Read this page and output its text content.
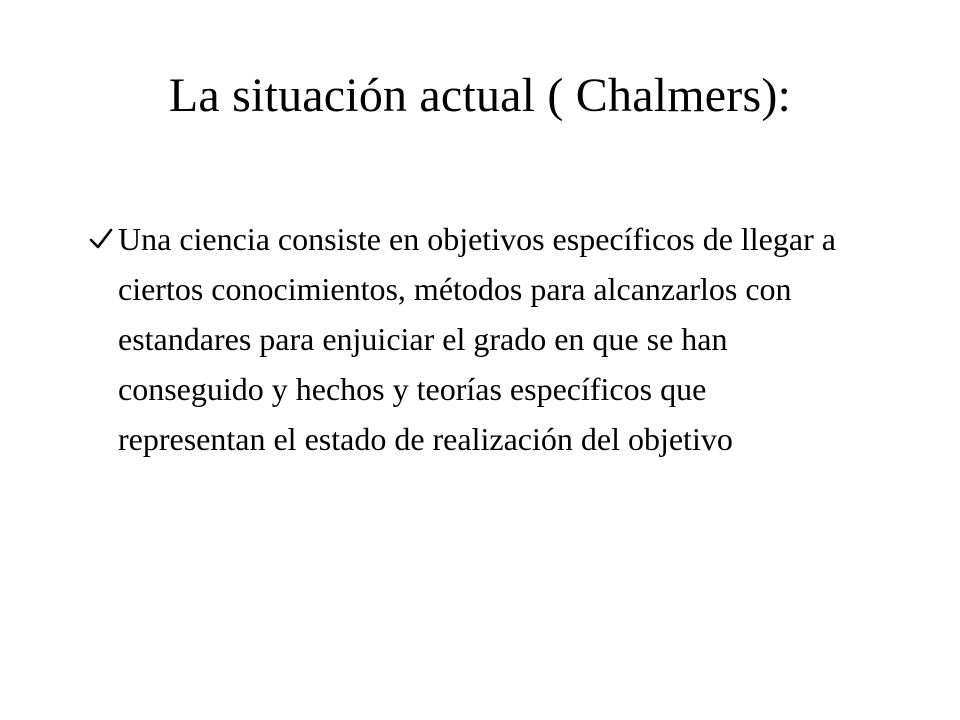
La situación actual ( Chalmers):
Una ciencia consiste en objetivos específicos de llegar a ciertos conocimientos, métodos para alcanzarlos con estandares para enjuiciar el grado en que se han conseguido y hechos y teorías específicos que representan el estado de realización del objetivo
